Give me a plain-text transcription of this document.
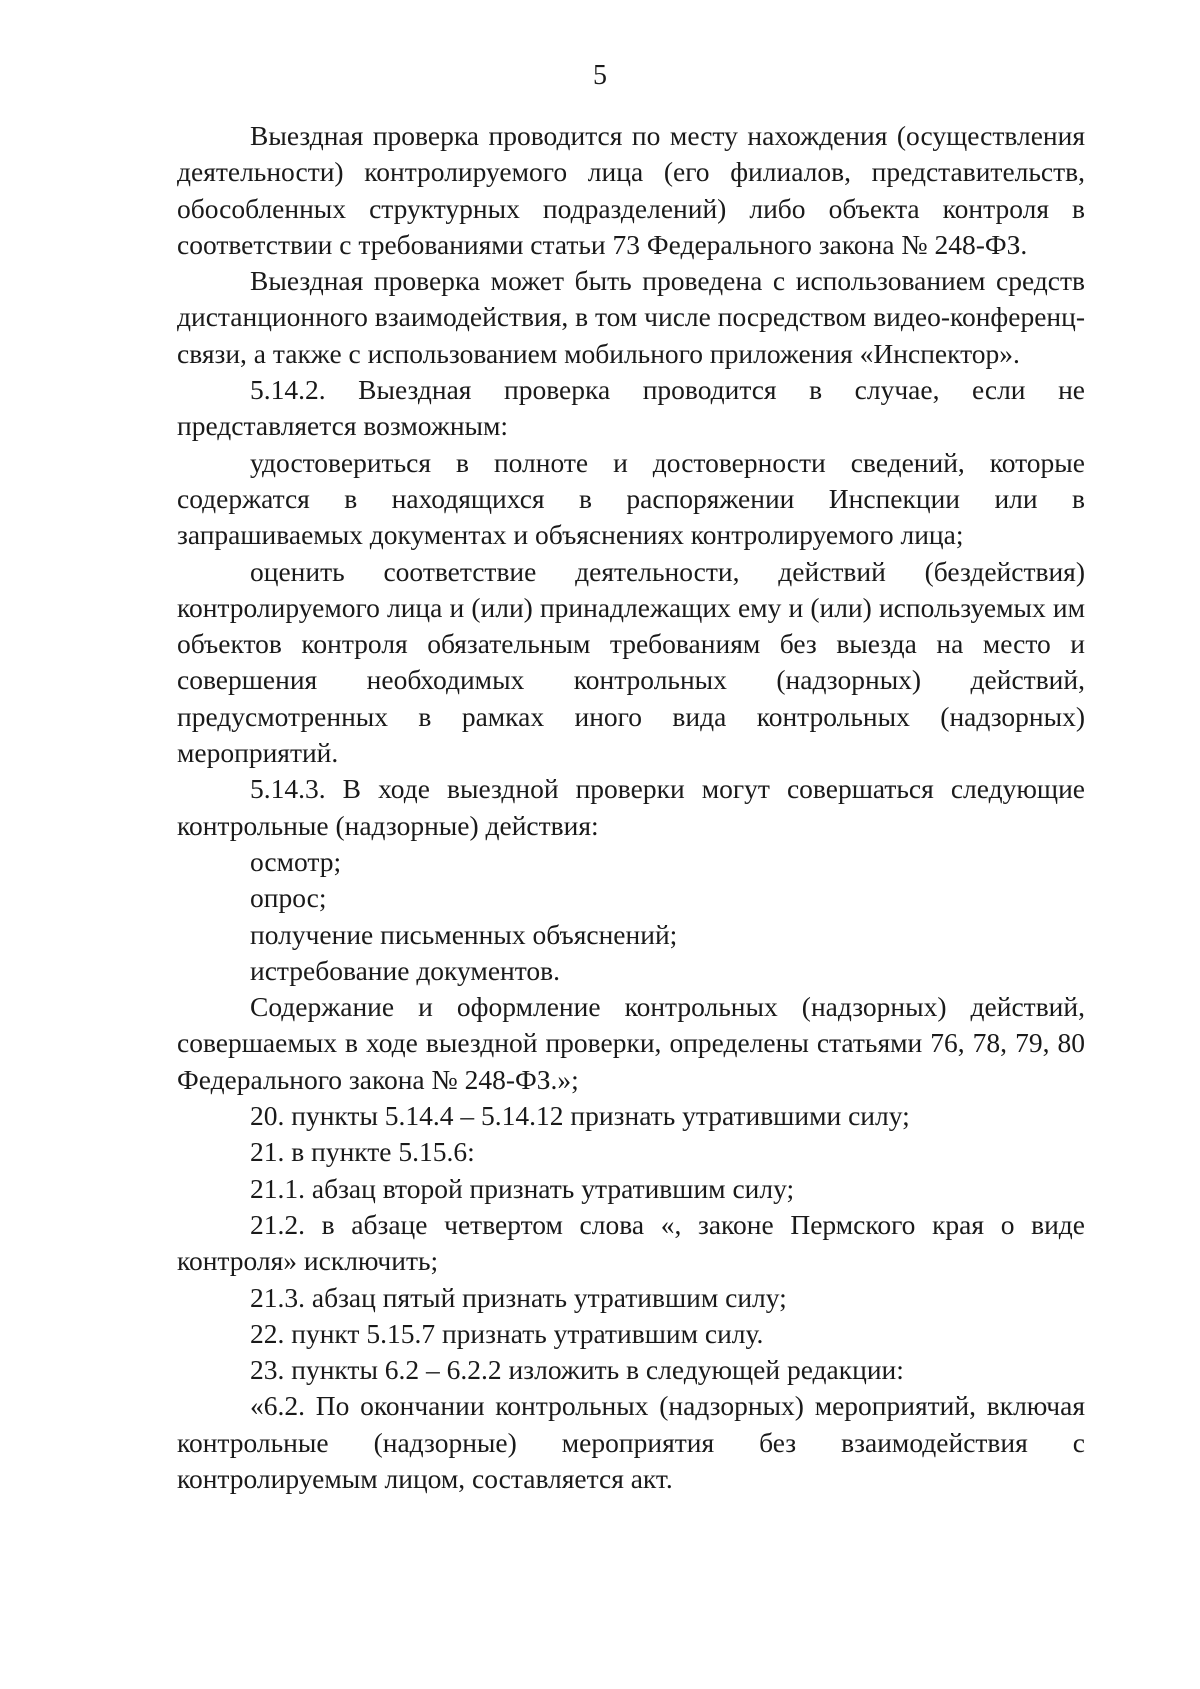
5

Выездная проверка проводится по месту нахождения (осуществления деятельности) контролируемого лица (его филиалов, представительств, обособленных структурных подразделений) либо объекта контроля в соответствии с требованиями статьи 73 Федерального закона № 248-ФЗ.

Выездная проверка может быть проведена с использованием средств дистанционного взаимодействия, в том числе посредством видео-конференц-связи, а также с использованием мобильного приложения «Инспектор».

5.14.2. Выездная проверка проводится в случае, если не представляется возможным:

удостовериться в полноте и достоверности сведений, которые содержатся в находящихся в распоряжении Инспекции или в запрашиваемых документах и объяснениях контролируемого лица;

оценить соответствие деятельности, действий (бездействия) контролируемого лица и (или) принадлежащих ему и (или) используемых им объектов контроля обязательным требованиям без выезда на место и совершения необходимых контрольных (надзорных) действий, предусмотренных в рамках иного вида контрольных (надзорных) мероприятий.

5.14.3. В ходе выездной проверки могут совершаться следующие контрольные (надзорные) действия:

осмотр;

опрос;

получение письменных объяснений;

истребование документов.

Содержание и оформление контрольных (надзорных) действий, совершаемых в ходе выездной проверки, определены статьями 76, 78, 79, 80 Федерального закона № 248-ФЗ.»;

20. пункты 5.14.4 – 5.14.12 признать утратившими силу;

21. в пункте 5.15.6:

21.1. абзац второй признать утратившим силу;

21.2. в абзаце четвертом слова «, законе Пермского края о виде контроля» исключить;

21.3. абзац пятый признать утратившим силу;

22. пункт 5.15.7 признать утратившим силу.

23. пункты 6.2 – 6.2.2 изложить в следующей редакции:

«6.2. По окончании контрольных (надзорных) мероприятий, включая контрольные (надзорные) мероприятия без взаимодействия с контролируемым лицом, составляется акт.
